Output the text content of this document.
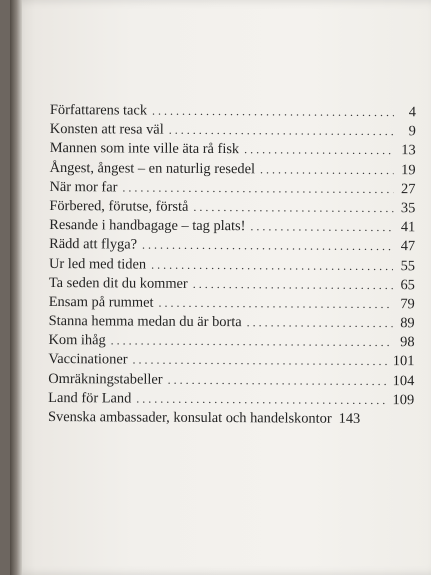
Författarens tack . . .	4
Konsten att resa väl . . .	9
Mannen som inte ville äta rå fisk . . .	13
Ångest, ångest – en naturlig resedel . . .	19
När mor far . . .	27
Förbered, förutse, förstå . . .	35
Resande i handbagage – tag plats! . . .	41
Rädd att flyga? . . .	47
Ur led med tiden . . .	55
Ta seden dit du kommer . . .	65
Ensam på rummet . . .	79
Stanna hemma medan du är borta . . .	89
Kom ihåg . . .	98
Vaccinationer . . .	101
Omräkningstabeller . . .	104
Land för Land . . .	109
Svenska ambassader, konsulat och handelskontor 143
